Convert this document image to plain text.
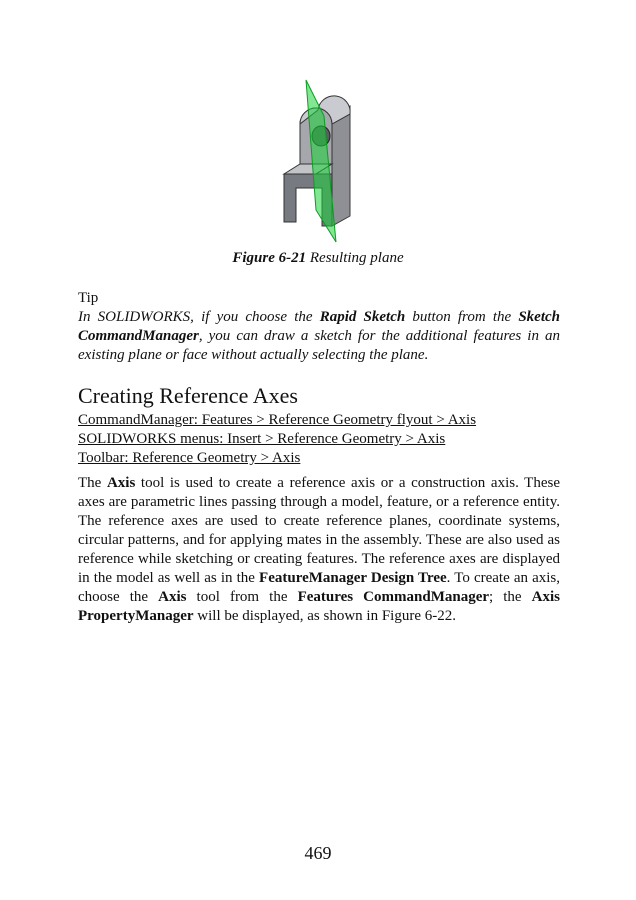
Figure 6-21 Resulting plane
Tip
In SOLIDWORKS, if you choose the Rapid Sketch button from the Sketch CommandManager, you can draw a sketch for the additional features in an existing plane or face without actually selecting the plane.
Creating Reference Axes
CommandManager: Features > Reference Geometry flyout > Axis
SOLIDWORKS menus: Insert > Reference Geometry > Axis
Toolbar: Reference Geometry > Axis
The Axis tool is used to create a reference axis or a construction axis. These axes are parametric lines passing through a model, feature, or a reference entity. The reference axes are used to create reference planes, coordinate systems, circular patterns, and for applying mates in the assembly. These are also used as reference while sketching or creating features. The reference axes are displayed in the model as well as in the FeatureManager Design Tree. To create an axis, choose the Axis tool from the Features CommandManager; the Axis PropertyManager will be displayed, as shown in Figure 6-22.
469
